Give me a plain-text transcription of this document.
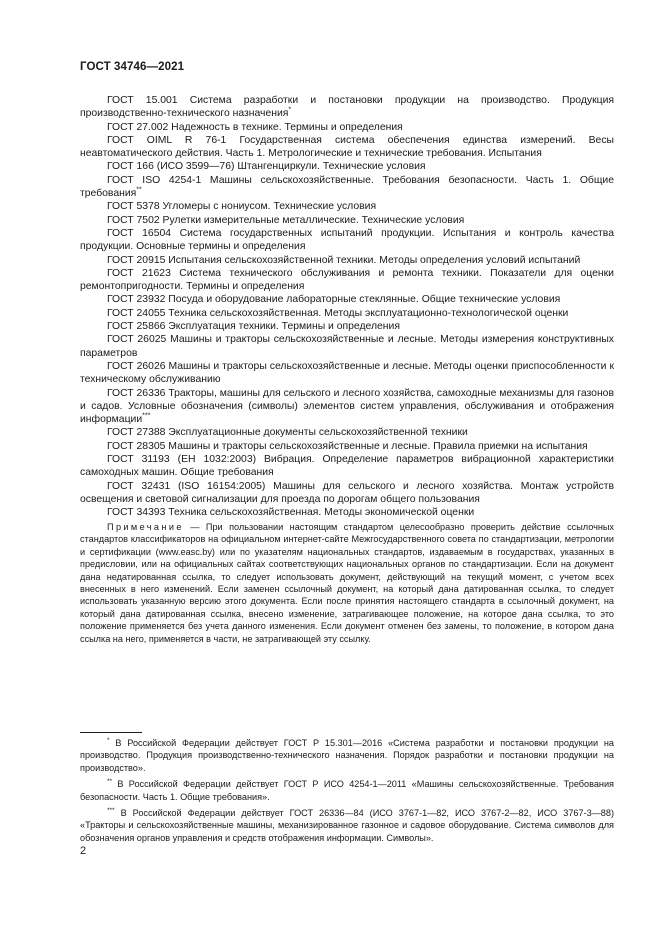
ГОСТ 34746—2021

ГОСТ 15.001 Система разработки и постановки продукции на производство. Продукция производственно-технического назначения*

ГОСТ 27.002 Надежность в технике. Термины и определения

ГОСТ OIML R 76-1 Государственная система обеспечения единства измерений. Весы неавтоматического действия. Часть 1. Метрологические и технические требования. Испытания

ГОСТ 166 (ИСО 3599—76) Штангенциркули. Технические условия

ГОСТ ISO 4254-1 Машины сельскохозяйственные. Требования безопасности. Часть 1. Общие требования**

ГОСТ 5378 Угломеры с нониусом. Технические условия

ГОСТ 7502 Рулетки измерительные металлические. Технические условия

ГОСТ 16504 Система государственных испытаний продукции. Испытания и контроль качества продукции. Основные термины и определения

ГОСТ 20915 Испытания сельскохозяйственной техники. Методы определения условий испытаний

ГОСТ 21623 Система технического обслуживания и ремонта техники. Показатели для оценки ремонтопригодности. Термины и определения

ГОСТ 23932 Посуда и оборудование лабораторные стеклянные. Общие технические условия

ГОСТ 24055 Техника сельскохозяйственная. Методы эксплуатационно-технологической оценки

ГОСТ 25866 Эксплуатация техники. Термины и определения

ГОСТ 26025 Машины и тракторы сельскохозяйственные и лесные. Методы измерения конструктивных параметров

ГОСТ 26026 Машины и тракторы сельскохозяйственные и лесные. Методы оценки приспособленности к техническому обслуживанию

ГОСТ 26336 Тракторы, машины для сельского и лесного хозяйства, самоходные механизмы для газонов и садов. Условные обозначения (символы) элементов систем управления, обслуживания и отображения информации***

ГОСТ 27388 Эксплуатационные документы сельскохозяйственной техники

ГОСТ 28305 Машины и тракторы сельскохозяйственные и лесные. Правила приемки на испытания

ГОСТ 31193 (ЕН 1032:2003) Вибрация. Определение параметров вибрационной характеристики самоходных машин. Общие требования

ГОСТ 32431 (ISO 16154:2005) Машины для сельского и лесного хозяйства. Монтаж устройств освещения и световой сигнализации для проезда по дорогам общего пользования

ГОСТ 34393 Техника сельскохозяйственная. Методы экономической оценки

Примечание — При пользовании настоящим стандартом целесообразно проверить действие ссылочных стандартов классификаторов на официальном интернет-сайте Межгосударственного совета по стандартизации, метрологии и сертификации (www.easc.by) или по указателям национальных стандартов, издаваемым в государствах, указанных в предисловии, или на официальных сайтах соответствующих национальных органов по стандартизации. Если на документ дана недатированная ссылка, то следует использовать документ, действующий на текущий момент, с учетом всех внесенных в него изменений. Если заменен ссылочный документ, на который дана датированная ссылка, то следует использовать указанную версию этого документа. Если после принятия настоящего стандарта в ссылочный документ, на который дана датированная ссылка, внесено изменение, затрагивающее положение, на которое дана ссылка, то это положение применяется без учета данного изменения. Если документ отменен без замены, то положение, в котором дана ссылка на него, применяется в части, не затрагивающей эту ссылку.

* В Российской Федерации действует ГОСТ Р 15.301—2016 «Система разработки и постановки продукции на производство. Продукция производственно-технического назначения. Порядок разработки и постановки продукции на производство».

** В Российской Федерации действует ГОСТ Р ИСО 4254-1—2011 «Машины сельскохозяйственные. Требования безопасности. Часть 1. Общие требования».

*** В Российской Федерации действует ГОСТ 26336—84 (ИСО 3767-1—82, ИСО 3767-2—82, ИСО 3767-3—88) «Тракторы и сельскохозяйственные машины, механизированное газонное и садовое оборудование. Система символов для обозначения органов управления и средств отображения информации. Символы».

2
